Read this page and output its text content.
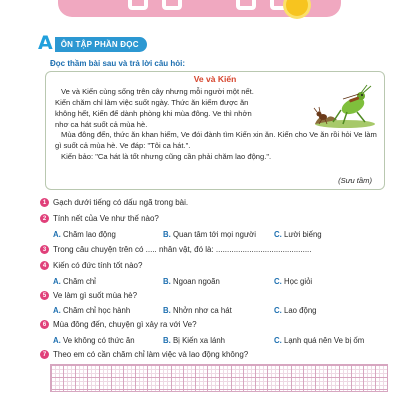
A	ÔN TẬP PHẦN ĐỌC
Đọc thầm bài sau và trả lời câu hỏi:
Ve và Kiến

Ve và Kiến cùng sống trên cây nhưng mỗi người một nết.

Kiến chăm chỉ làm việc suốt ngày. Thức ăn kiếm được ăn
không hết, Kiến để dành phòng khi mùa đông. Ve thì nhởn
nhơ ca hát suốt cả mùa hè.

Mùa đông đến, thức ăn khan hiếm, Ve đói đành tìm Kiến xin ăn. Kiến cho Ve ăn rồi hỏi Ve làm gì suốt cả mùa hè. Ve đáp: "Tôi ca hát.".

Kiến bảo: "Ca hát là tốt nhưng cũng cần phải chăm lao động.".

(Sưu tầm)
1 Gạch dưới tiếng có dấu ngã trong bài.
2 Tính nết của Ve như thế nào?
A. Chăm lao động	B. Quan tâm tới mọi người C. Lười biếng
3 Trong câu chuyện trên có ..... nhân vật, đó là: ...........................................
4 Kiến có đức tính tốt nào?
A. Chăm chỉ	B. Ngoan ngoãn	C. Học giỏi
5 Ve làm gì suốt mùa hè?
A. Chăm chỉ học hành	B. Nhởn nhơ ca hát	C. Lao động
6 Mùa đông đến, chuyện gì xảy ra với Ve?
A. Ve không có thức ăn	B. Bị Kiến xa lánh	C. Lạnh quá nên Ve bị ốm
7 Theo em có cần chăm chỉ làm việc và lao động không?
